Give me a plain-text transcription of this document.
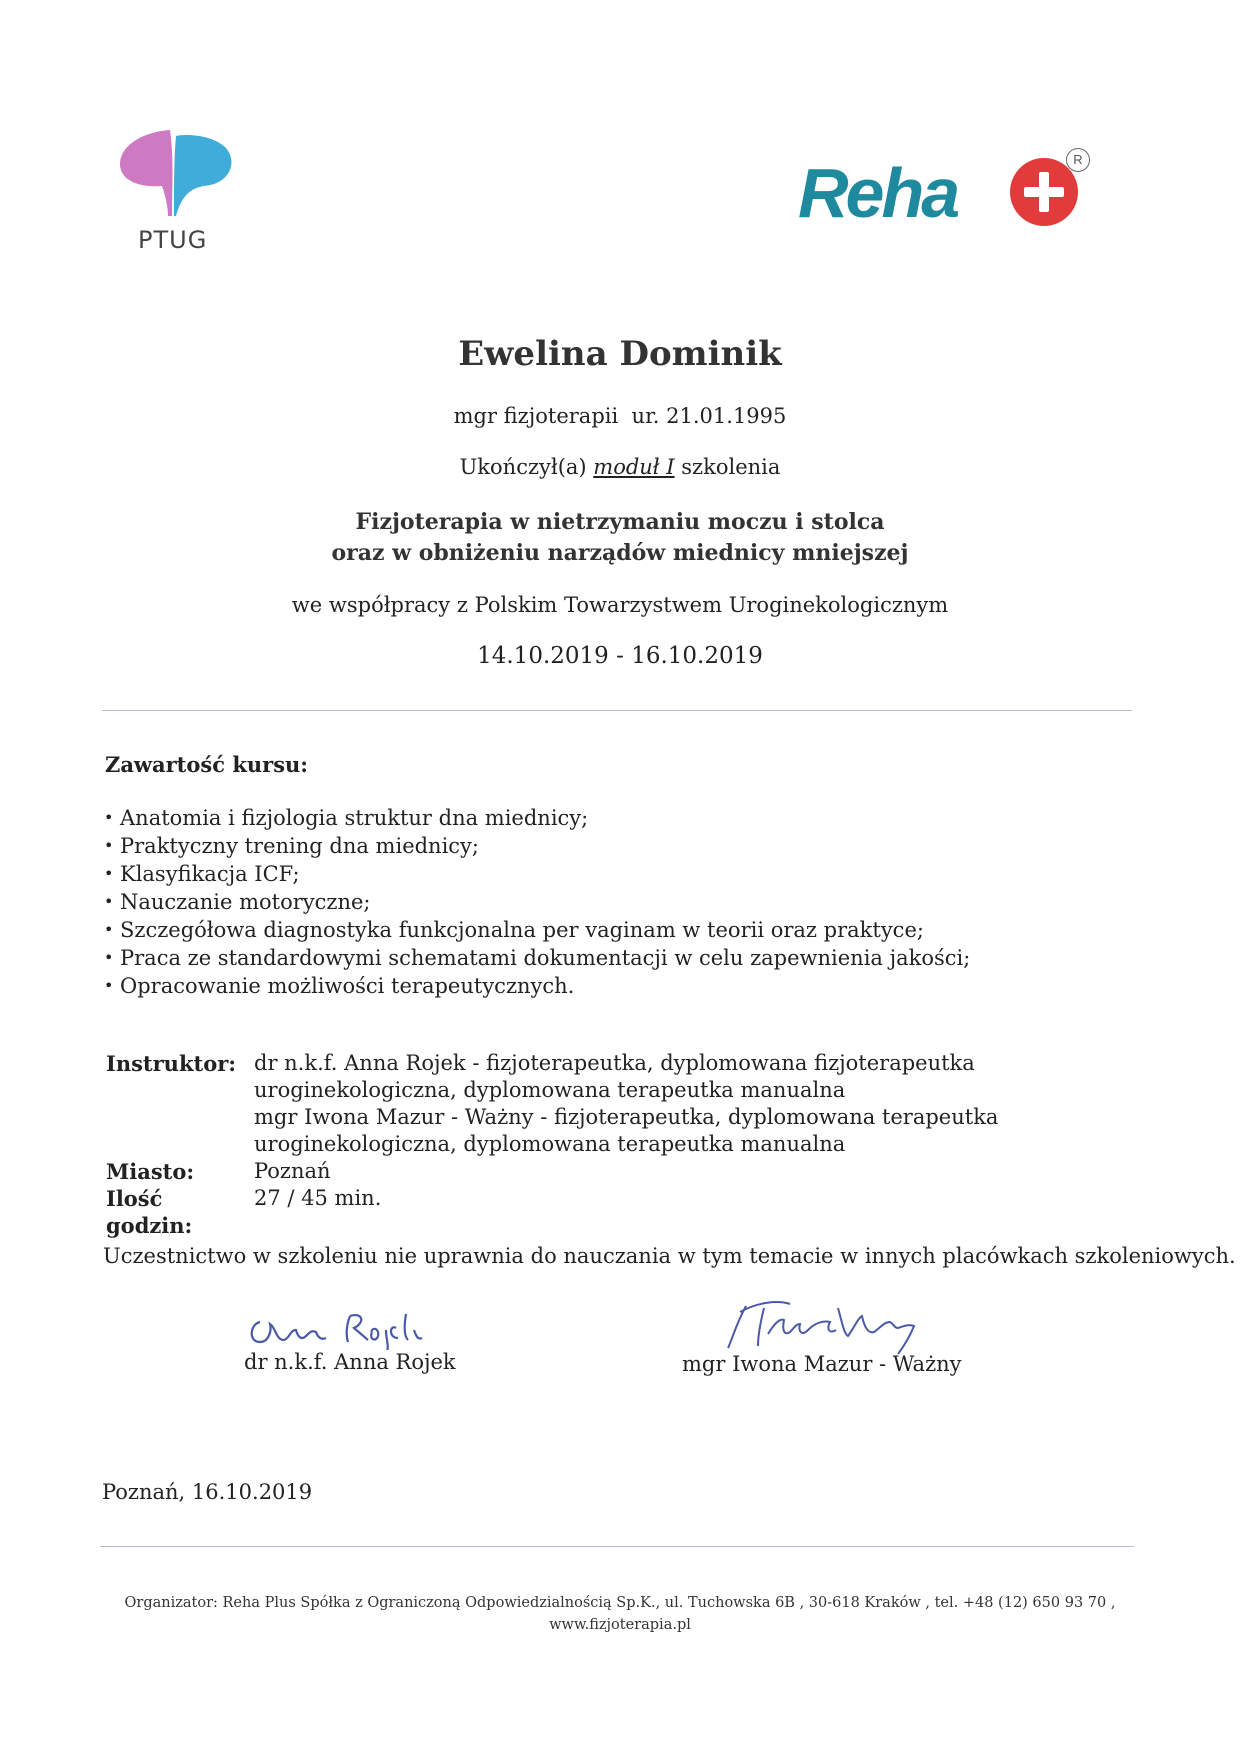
PTUG
Reha	R
Ewelina Dominik
mgr fizjoterapii  ur. 21.01.1995
Ukończył(a) moduł I szkolenia
Fizjoterapia w nietrzymaniu moczu i stolca
oraz w obniżeniu narządów miednicy mniejszej
we współpracy z Polskim Towarzystwem Uroginekologicznym
14.10.2019 - 16.10.2019
Zawartość kursu:
• Anatomia i fizjologia struktur dna miednicy;
• Praktyczny trening dna miednicy;
• Klasyfikacja ICF;
• Nauczanie motoryczne;
• Szczegółowa diagnostyka funkcjonalna per vaginam w teorii oraz praktyce;
• Praca ze standardowymi schematami dokumentacji w celu zapewnienia jakości;
• Opracowanie możliwości terapeutycznych.
Instruktor: dr n.k.f. Anna Rojek - fizjoterapeutka, dyplomowana fizjoterapeutka uroginekologiczna, dyplomowana terapeutka manualna
mgr Iwona Mazur - Ważny - fizjoterapeutka, dyplomowana terapeutka uroginekologiczna, dyplomowana terapeutka manualna
Miasto:	Poznań
Ilość godzin:
27 / 45 min.
Uczestnictwo w szkoleniu nie uprawnia do nauczania w tym temacie w innych placówkach szkoleniowych.
dr n.k.f. Anna Rojek	mgr Iwona Mazur - Ważny
Poznań, 16.10.2019
Organizator: Reha Plus Spółka z Ograniczoną Odpowiedzialnością Sp.K., ul. Tuchowska 6B , 30-618 Kraków , tel. +48 (12) 650 93 70 ,
www.fizjoterapia.pl
